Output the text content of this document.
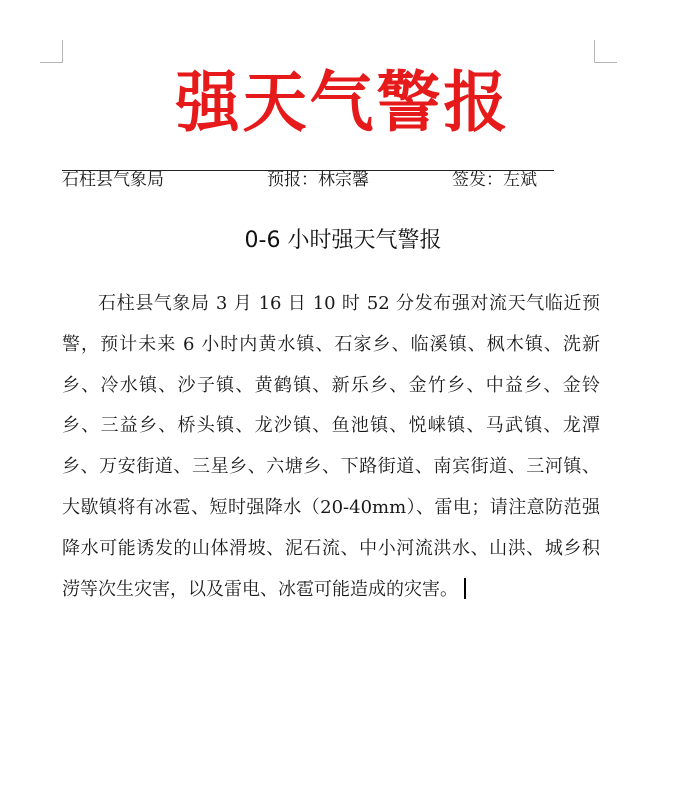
强天气警报
石柱县气象局	预报：林宗馨	签发：左斌
0-6 小时强天气警报
石柱县气象局 3 月 16 日 10 时 52 分发布强对流天气临近预警，预计未来 6 小时内黄水镇、石家乡、临溪镇、枫木镇、洗新乡、冷水镇、沙子镇、黄鹤镇、新乐乡、金竹乡、中益乡、金铃乡、三益乡、桥头镇、龙沙镇、鱼池镇、悦崃镇、马武镇、龙潭乡、万安街道、三星乡、六塘乡、下路街道、南宾街道、三河镇、大歇镇将有冰雹、短时强降水（20-40mm）、雷电；请注意防范强降水可能诱发的山体滑坡、泥石流、中小河流洪水、山洪、城乡积涝等次生灾害，以及雷电、冰雹可能造成的灾害。
